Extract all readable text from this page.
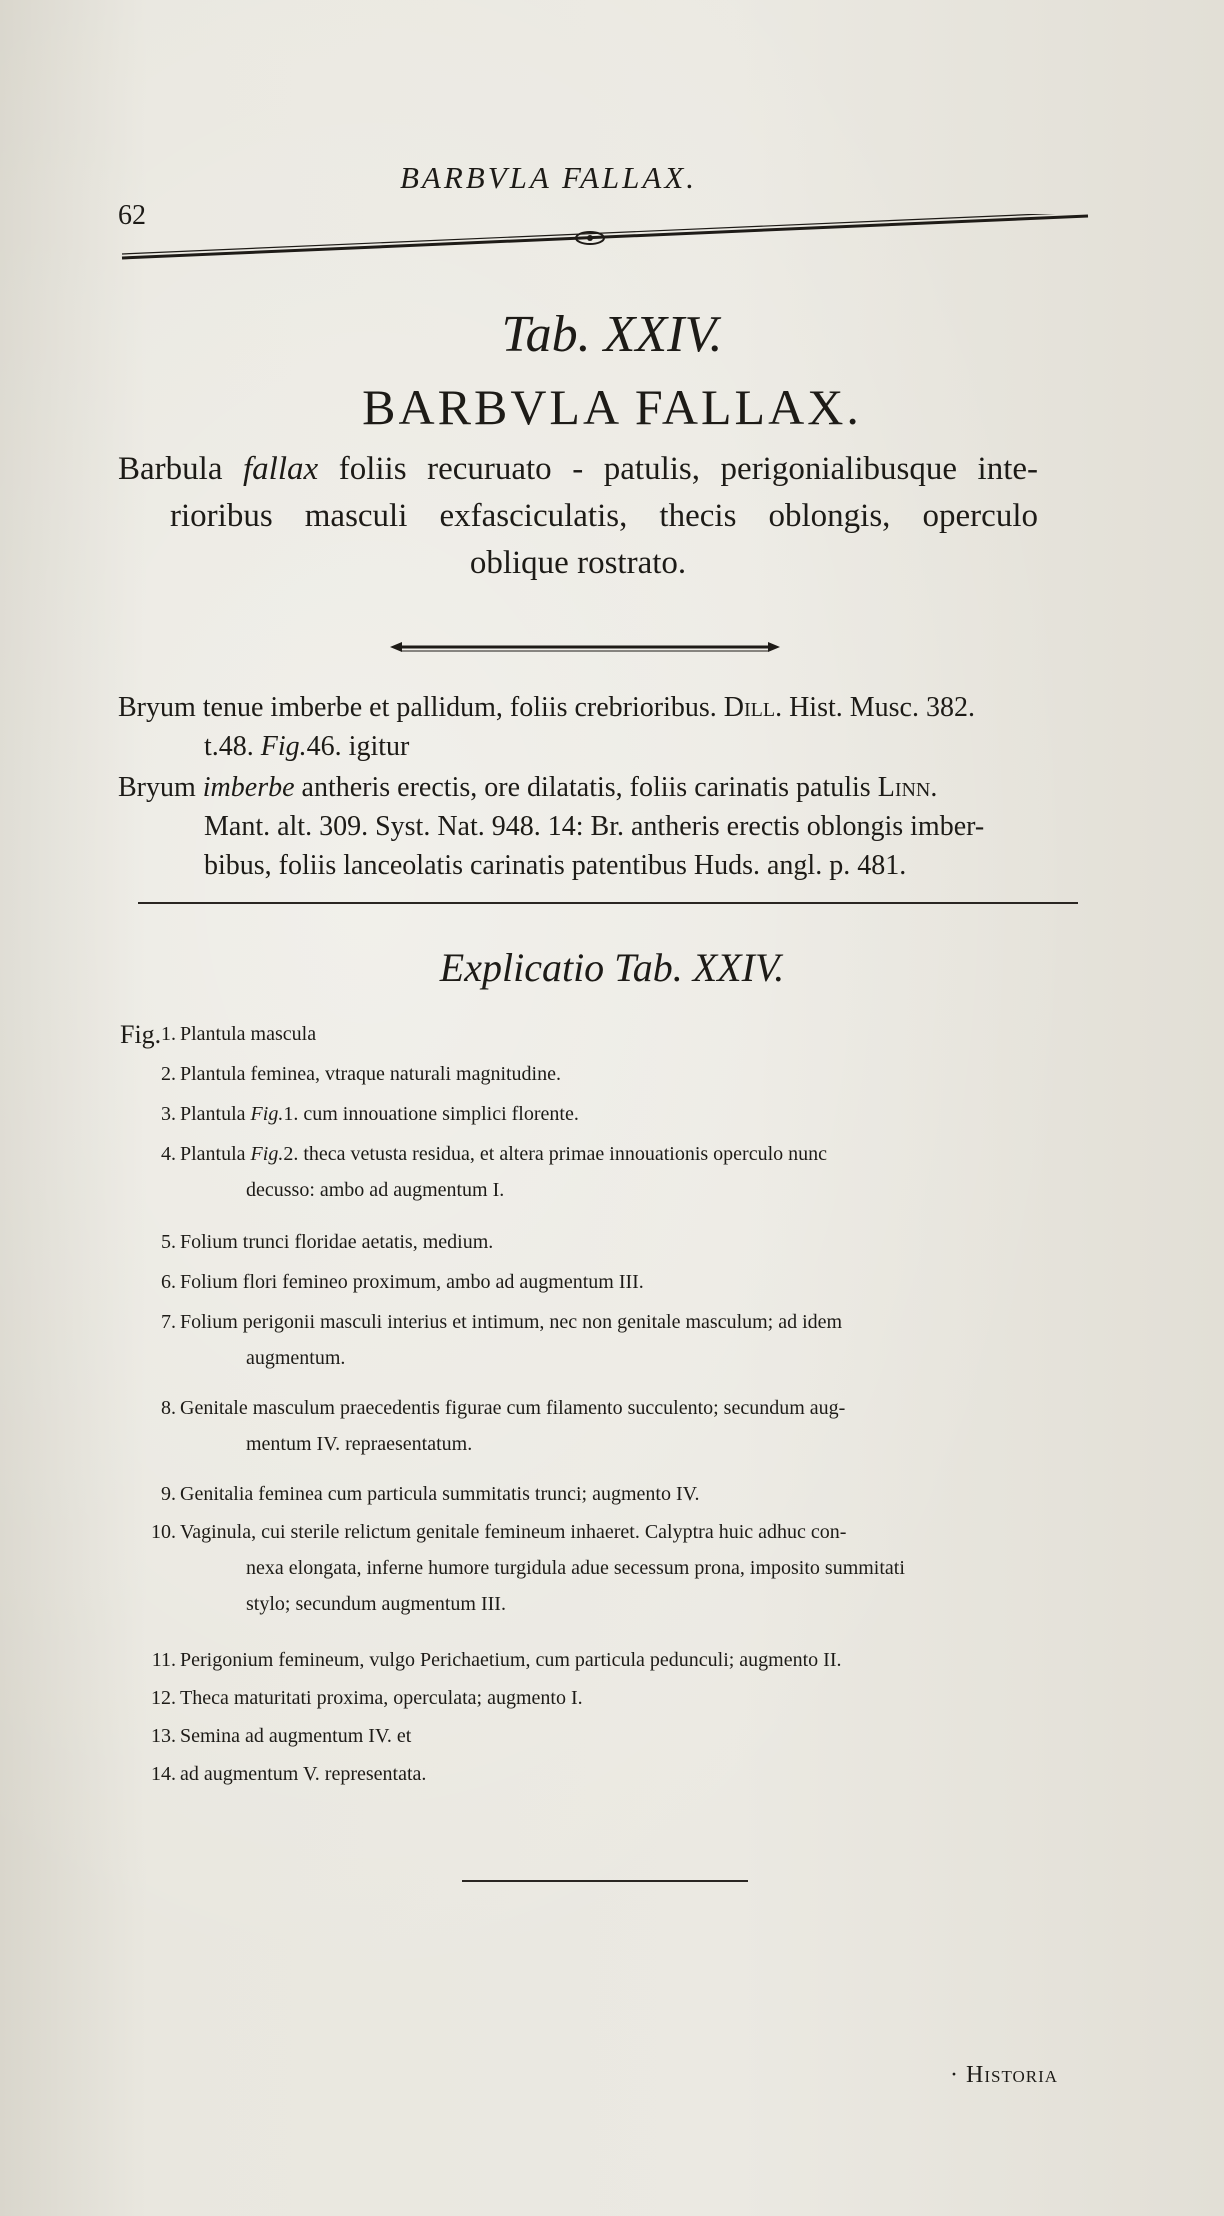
62
BARBVLA FALLAX.
Tab. XXIV.
BARBVLA FALLAX.
Barbula fallax foliis recuruato - patulis, perigonialibusque inte-
rioribus masculi exfasciculatis, thecis oblongis, operculo
oblique rostrato.
Bryum tenue imberbe et pallidum, foliis crebrioribus. Dill. Hist. Musc. 382.
t.48. Fig.46. igitur
Bryum imberbe antheris erectis, ore dilatatis, foliis carinatis patulis Linn.
Mant. alt. 309. Syst. Nat. 948. 14: Br. antheris erectis oblongis imber-
bibus, foliis lanceolatis carinatis patentibus Huds. angl. p. 481.
Explicatio Tab. XXIV.
Fig. 1. Plantula mascula
2. Plantula feminea, vtraque naturali magnitudine.
3. Plantula Fig.1. cum innouatione simplici florente.
4. Plantula Fig.2. theca vetusta residua, et altera primae innouationis operculo nunc
decusso: ambo ad augmentum I.
5. Folium trunci floridae aetatis, medium.
6. Folium flori femineo proximum, ambo ad augmentum III.
7. Folium perigonii masculi interius et intimum, nec non genitale masculum; ad idem
augmentum.
8. Genitale masculum praecedentis figurae cum filamento succulento; secundum aug-
mentum IV. repraesentatum.
9. Genitalia feminea cum particula summitatis trunci; augmento IV.
10. Vaginula, cui sterile relictum genitale femineum inhaeret. Calyptra huic adhuc con-
nexa elongata, inferne humore turgidula adue secessum prona, imposito summitati
stylo; secundum augmentum III.
11. Perigonium femineum, vulgo Perichaetium, cum particula pedunculi; augmento II.
12. Theca maturitati proxima, operculata; augmento I.
13. Semina ad augmentum IV. et
14. ad augmentum V. representata.
· Historia
